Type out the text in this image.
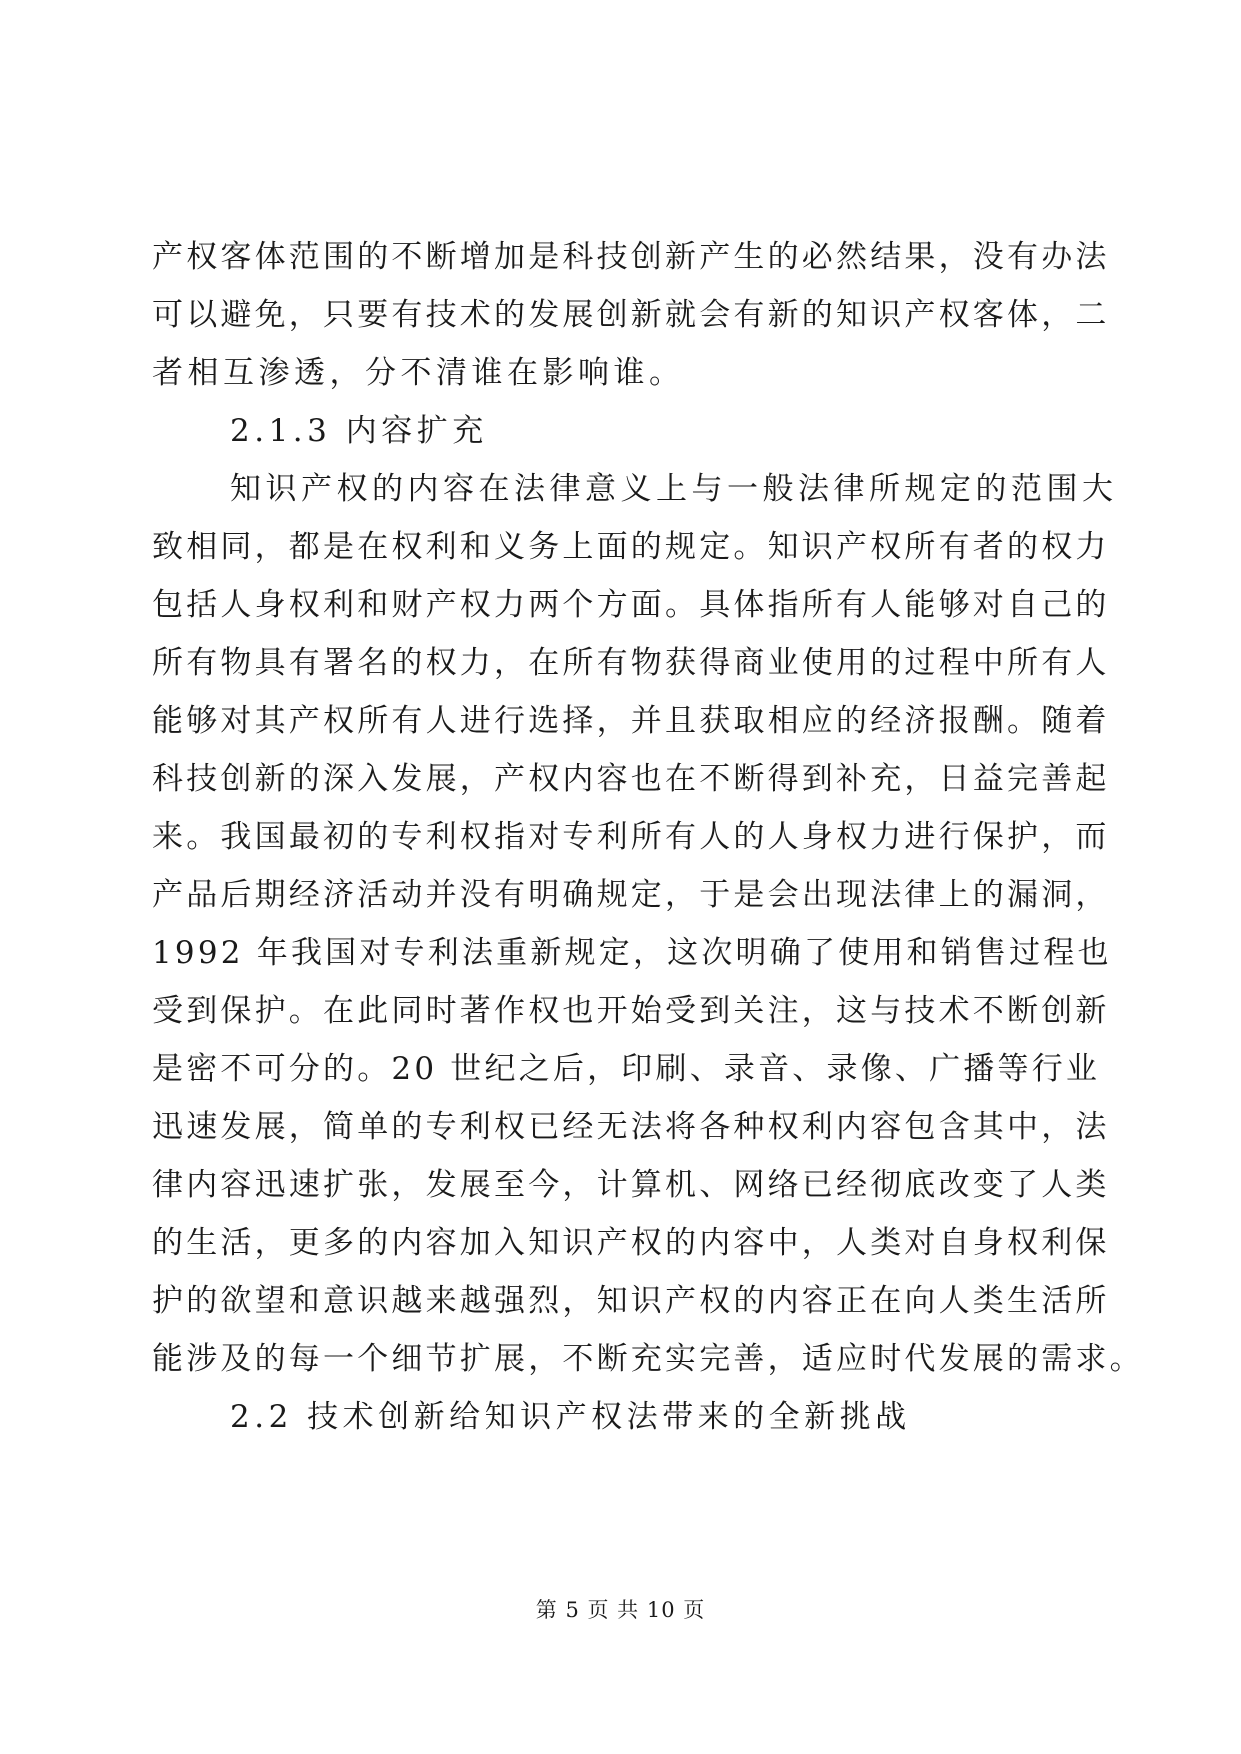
产权客体范围的不断增加是科技创新产生的必然结果，没有办法
可以避免，只要有技术的发展创新就会有新的知识产权客体，二
者相互渗透，分不清谁在影响谁。
2.1.3 内容扩充
知识产权的内容在法律意义上与一般法律所规定的范围大
致相同，都是在权利和义务上面的规定。知识产权所有者的权力
包括人身权利和财产权力两个方面。具体指所有人能够对自己的
所有物具有署名的权力，在所有物获得商业使用的过程中所有人
能够对其产权所有人进行选择，并且获取相应的经济报酬。随着
科技创新的深入发展，产权内容也在不断得到补充，日益完善起
来。我国最初的专利权指对专利所有人的人身权力进行保护，而
产品后期经济活动并没有明确规定，于是会出现法律上的漏洞，
1992 年我国对专利法重新规定，这次明确了使用和销售过程也
受到保护。在此同时著作权也开始受到关注，这与技术不断创新
是密不可分的。20 世纪之后，印刷、录音、录像、广播等行业
迅速发展，简单的专利权已经无法将各种权利内容包含其中，法
律内容迅速扩张，发展至今，计算机、网络已经彻底改变了人类
的生活，更多的内容加入知识产权的内容中，人类对自身权利保
护的欲望和意识越来越强烈，知识产权的内容正在向人类生活所
能涉及的每一个细节扩展，不断充实完善，适应时代发展的需求。
2.2 技术创新给知识产权法带来的全新挑战
第 5 页 共 10 页
